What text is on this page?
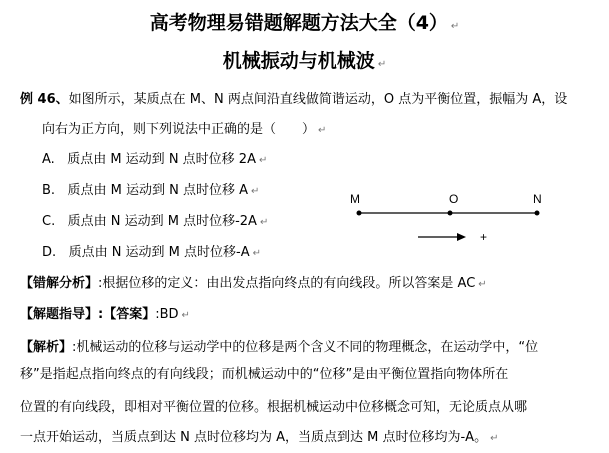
高考物理易错题解题方法大全（4） ↵
机械振动与机械波 ↵
例 46、如图所示，某质点在 M、N 两点间沿直线做简谐运动，O 点为平衡位置，振幅为 A，设
向右为正方向，则下列说法中正确的是（　　） ↵
A. 质点由 M 运动到 N 点时位移 2A ↵
B. 质点由 M 运动到 N 点时位移 A ↵
C. 质点由 N 运动到 M 点时位移-2A ↵
D. 质点由 N 运动到 M 点时位移-A ↵
M	O	N
+
【错解分析】:根据位移的定义：由出发点指向终点的有向线段。所以答案是 AC ↵
【解题指导】:【答案】:BD ↵
【解析】:机械运动的位移与运动学中的位移是两个含义不同的物理概念，在运动学中，“位
移”是指起点指向终点的有向线段；而机械运动中的“位移”是由平衡位置指向物体所在
位置的有向线段，即相对平衡位置的位移。根据机械运动中位移概念可知，无论质点从哪
一点开始运动，当质点到达 N 点时位移均为 A，当质点到达 M 点时位移均为-A。 ↵
